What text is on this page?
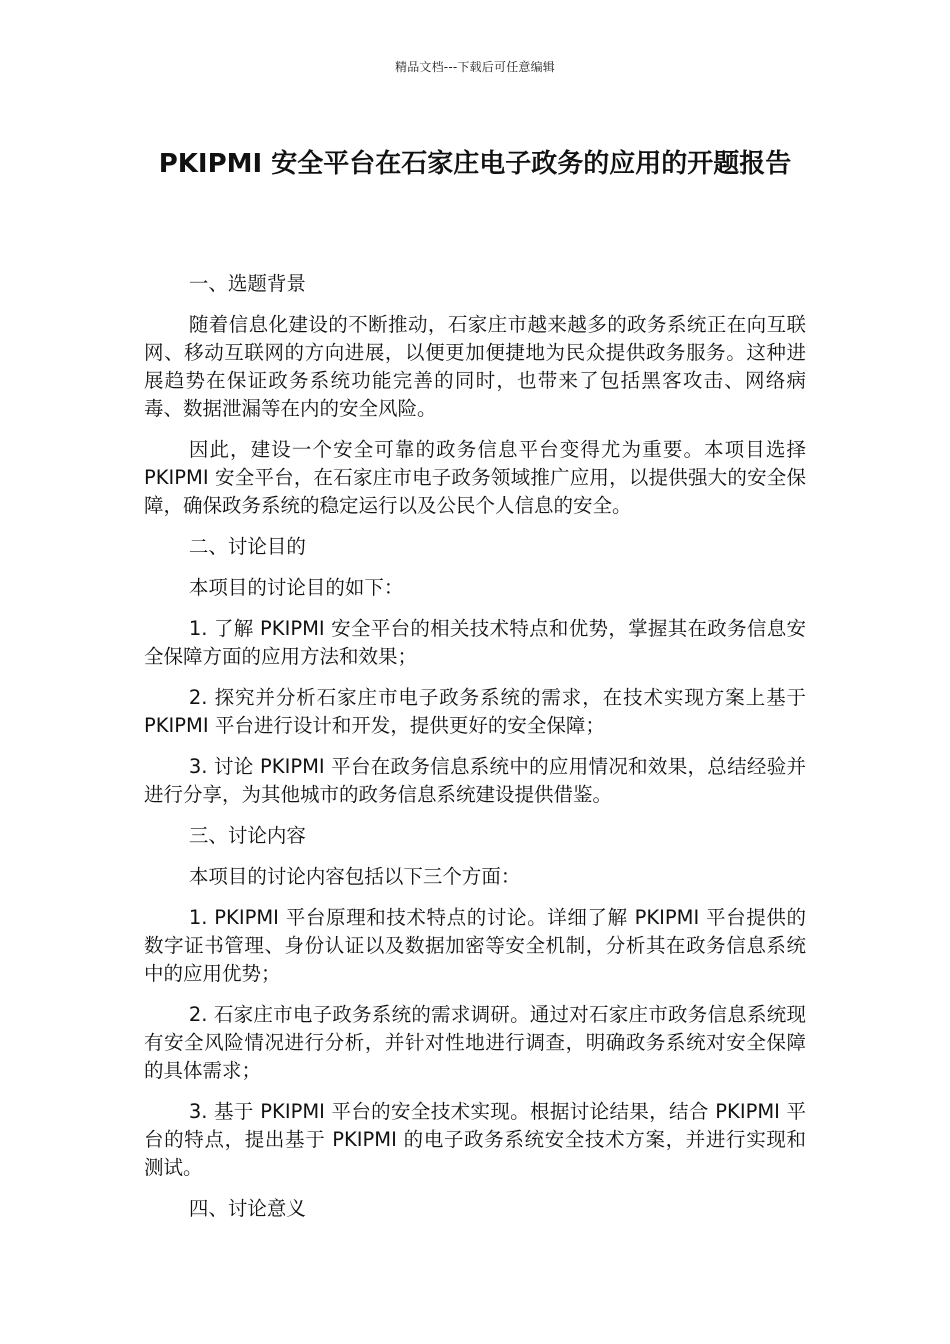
精品文档---下载后可任意编辑
PKIPMI 安全平台在石家庄电子政务的应用的开题报告

一、选题背景

随着信息化建设的不断推动，石家庄市越来越多的政务系统正在向互联网、移动互联网的方向进展，以便更加便捷地为民众提供政务服务。这种进展趋势在保证政务系统功能完善的同时，也带来了包括黑客攻击、网络病毒、数据泄漏等在内的安全风险。

因此，建设一个安全可靠的政务信息平台变得尤为重要。本项目选择 PKIPMI 安全平台，在石家庄市电子政务领域推广应用，以提供强大的安全保障，确保政务系统的稳定运行以及公民个人信息的安全。

二、讨论目的

本项目的讨论目的如下：

1. 了解 PKIPMI 安全平台的相关技术特点和优势，掌握其在政务信息安全保障方面的应用方法和效果；

2. 探究并分析石家庄市电子政务系统的需求，在技术实现方案上基于 PKIPMI 平台进行设计和开发，提供更好的安全保障；

3. 讨论 PKIPMI 平台在政务信息系统中的应用情况和效果，总结经验并进行分享，为其他城市的政务信息系统建设提供借鉴。

三、讨论内容

本项目的讨论内容包括以下三个方面：

1. PKIPMI 平台原理和技术特点的讨论。详细了解 PKIPMI 平台提供的数字证书管理、身份认证以及数据加密等安全机制，分析其在政务信息系统中的应用优势；

2. 石家庄市电子政务系统的需求调研。通过对石家庄市政务信息系统现有安全风险情况进行分析，并针对性地进行调查，明确政务系统对安全保障的具体需求；

3. 基于 PKIPMI 平台的安全技术实现。根据讨论结果，结合 PKIPMI 平台的特点，提出基于 PKIPMI 的电子政务系统安全技术方案，并进行实现和测试。

四、讨论意义
